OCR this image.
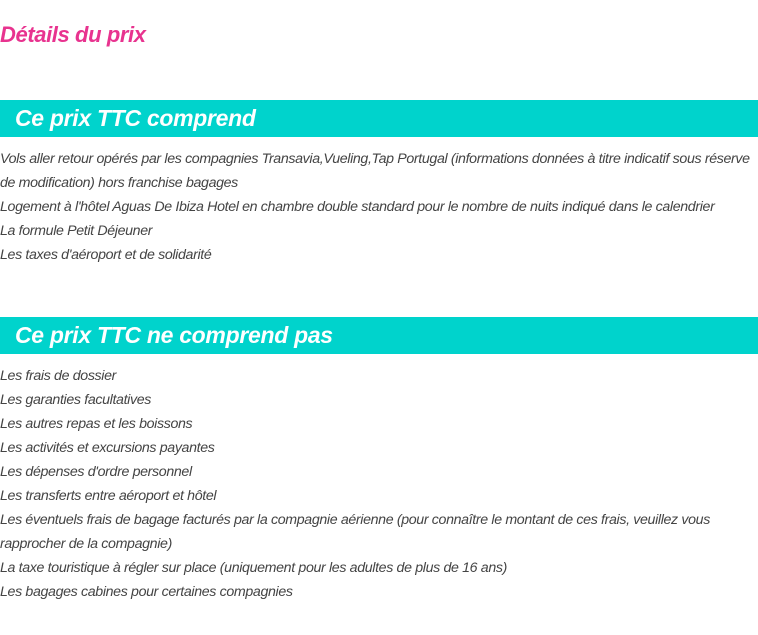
Détails du prix
Ce prix TTC comprend
Vols aller retour opérés par les compagnies Transavia,Vueling,Tap Portugal (informations données à titre indicatif sous réserve de modification) hors franchise bagages
Logement à l'hôtel Aguas De Ibiza Hotel en chambre double standard pour le nombre de nuits indiqué dans le calendrier
La formule Petit Déjeuner
Les taxes d'aéroport et de solidarité
Ce prix TTC ne comprend pas
Les frais de dossier
Les garanties facultatives
Les autres repas et les boissons
Les activités et excursions payantes
Les dépenses d'ordre personnel
Les transferts entre aéroport et hôtel
Les éventuels frais de bagage facturés par la compagnie aérienne (pour connaître le montant de ces frais, veuillez vous rapprocher de la compagnie)
La taxe touristique à régler sur place (uniquement pour les adultes de plus de 16 ans)
Les bagages cabines pour certaines compagnies
